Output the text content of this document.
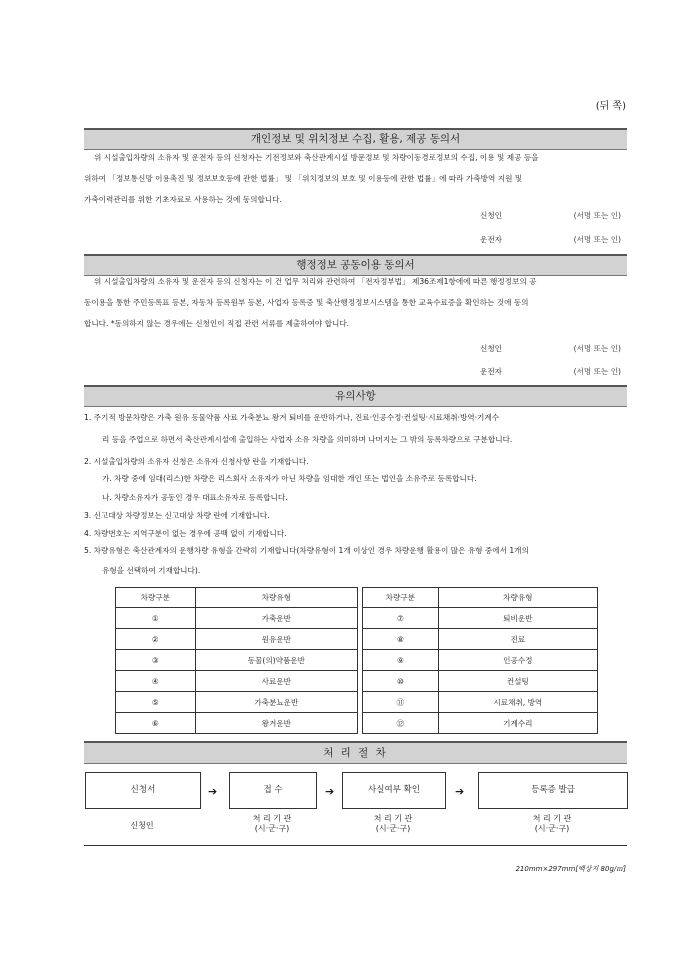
(뒤 쪽)
개인정보 및 위치정보 수집, 활용, 제공 동의서
위 시설출입차량의 소유자 및 운전자 등의 신청자는 기전정보와 축산관계시설 방문정보 및 차량이동경로정보의 수집, 이용 및 제공 등을
위하여 「정보통신망 이용촉진 및 정보보호등에 관한 법률」 및 「위치정보의 보호 및 이용등에 관한 법률」에 따라 가축방역 지원 및
가축이력관리를 위한 기초자료로 사용하는 것에 동의합니다.
신청인	(서명 또는 인)
운전자	(서명 또는 인)
행정정보 공동이용 동의서
위 시설출입차량의 소유자 및 운전자 등의 신청자는 이 건 업무 처리와 관련하여 「전자정부법」 제36조제1항에에 따른 행정정보의 공
동이용을 통한 주민등록표 등본, 자동차 등록원부 등본, 사업자 등록증 및 축산행정정보시스템을 통한 교육수료증을 확인하는 것에 동의
합니다. *동의하지 않는 경우에는 신청인이 직접 관련 서류를 제출하여야 합니다.
신청인	(서명 또는 인)
운전자	(서명 또는 인)
유의사항
1. 주기적 방문차량은 가축 원유 동물약품 사료 가축분뇨 왕겨 퇴비를 운반하거나, 진료·인공수정·컨설팅·시료채취·방역·기계수
리 등을 주업으로 하면서 축산관계시설에 출입하는 사업자 소유 차량을 의미하며 나머지는 그 밖의 등록차량으로 구분합니다.
2. 시설출입차량의 소유자 신청은 소유자 신청사항 란을 기재합니다.
가. 차량 중에 임대(리스)한 차량은 리스회사 소유자가 아닌 차량을 임대한 개인 또는 법인을 소유주로 등록합니다.
나. 차량소유자가 공동인 경우 대표소유자로 등록합니다.
3. 신고대상 차량정보는 신고대상 차량 란에 기재합니다.
4. 차량번호는 지역구분이 없는 경우에 공백 없이 기재합니다.
5. 차량유형은 축산관계자의 운행차량 유형을 간략히 기재합니다(차량유형이 1개 이상인 경우 차량운행 활용이 많은 유형 중에서 1개의
유형을 선택하여 기재합니다).
차량구분	차량유형
①	가축운반
②	원유운반
③	동물(의)약품운반
④	사료운반
⑤	가축분뇨운반
⑥	왕겨운반
차량구분	차량유형
⑦	퇴비운반
⑧	진료
⑨	인공수정
⑩	컨설팅
⑪	시료채취, 방역
⑫	기계수리
처 리 절 차
신청서	➔	접 수	➔	사실여부 확인	➔	등록증 발급
신청인
처 리 기 관
(시·군·구)
처 리 기 관
(시·군·구)
처 리 기 관
(시·군·구)
210mm×297mm[백상지 80g/㎡]
